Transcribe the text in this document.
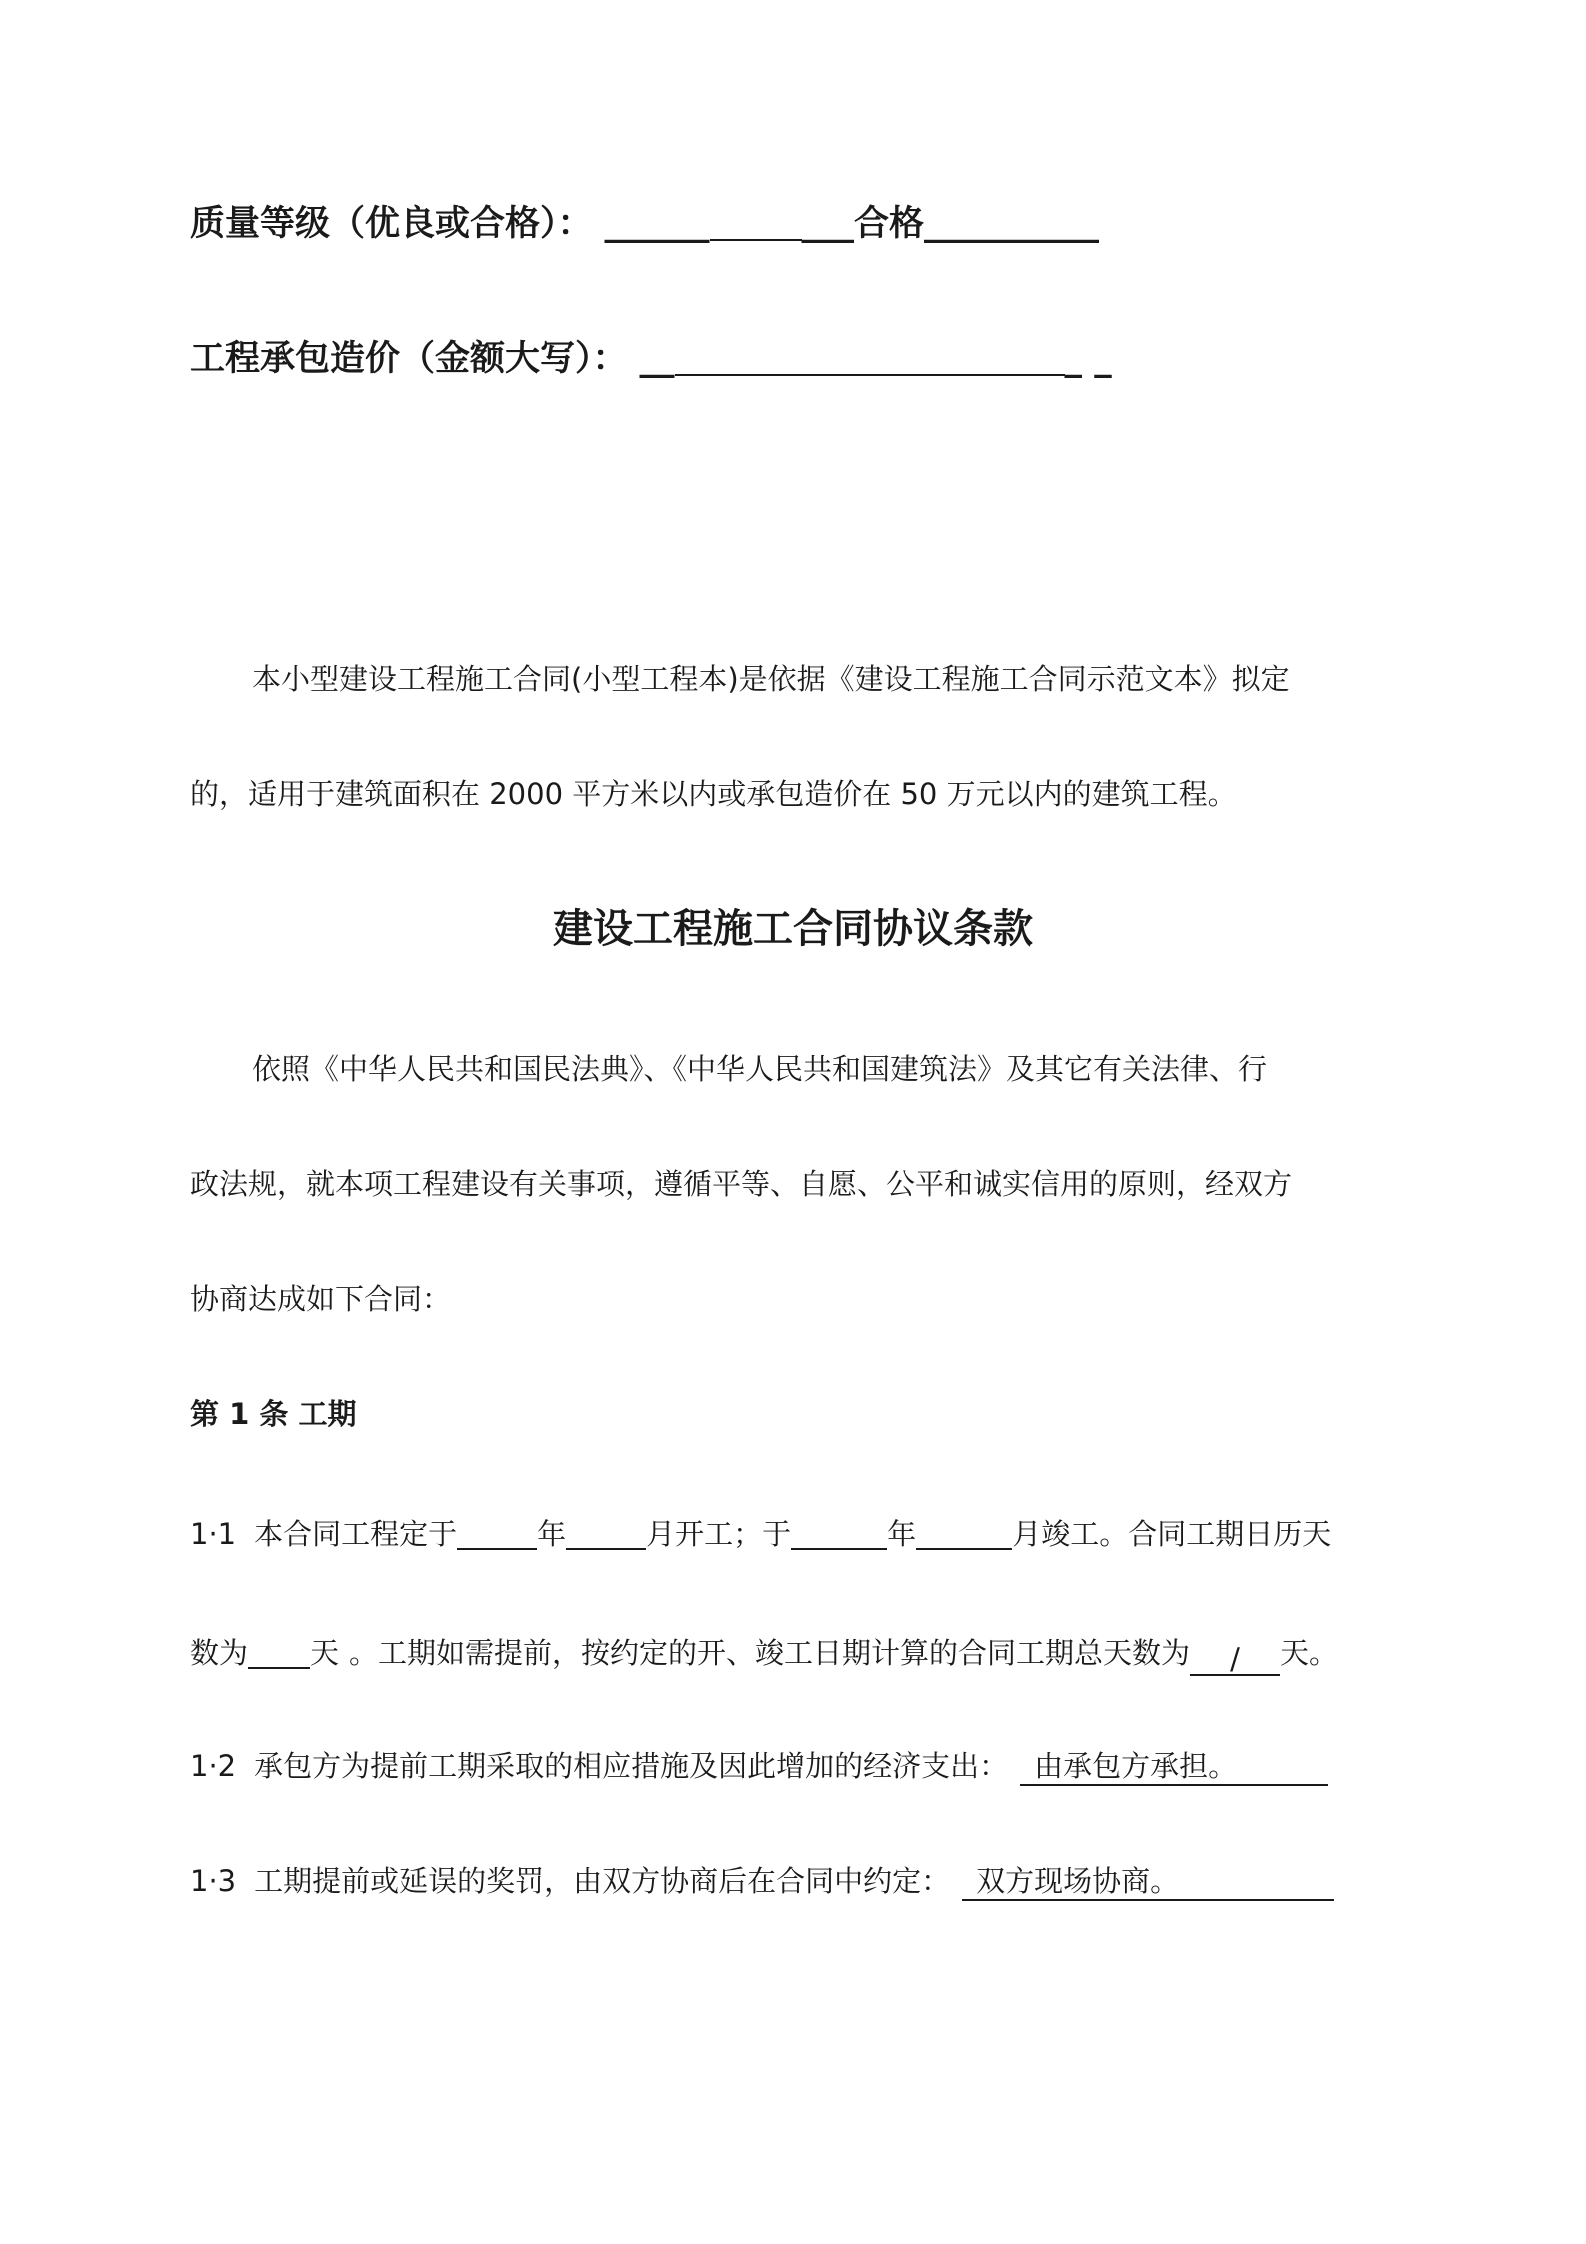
质量等级（优良或合格）： ______	___合格__________
工程承包造价（金额大写）： __	_ _
本小型建设工程施工合同(小型工程本)是依据《建设工程施工合同示范文本》拟定
的，适用于建筑面积在 2000 平方米以内或承包造价在 50 万元以内的建筑工程。
建设工程施工合同协议条款
依照《中华人民共和国民法典》、《中华人民共和国建筑法》及其它有关法律、行
政法规，就本项工程建设有关事项，遵循平等、自愿、公平和诚实信用的原则，经双方
协商达成如下合同：
第 1 条 工期
1·1 本合同工程定于	年	月开工；于	年	月竣工。合同工期日历天
数为 天 。工期如需提前，按约定的开、竣工日期计算的合同工期总天数为 / 天。
1·2 承包方为提前工期采取的相应措施及因此增加的经济支出： 由承包方承担。
1·3 工期提前或延误的奖罚，由双方协商后在合同中约定： 双方现场协商。
